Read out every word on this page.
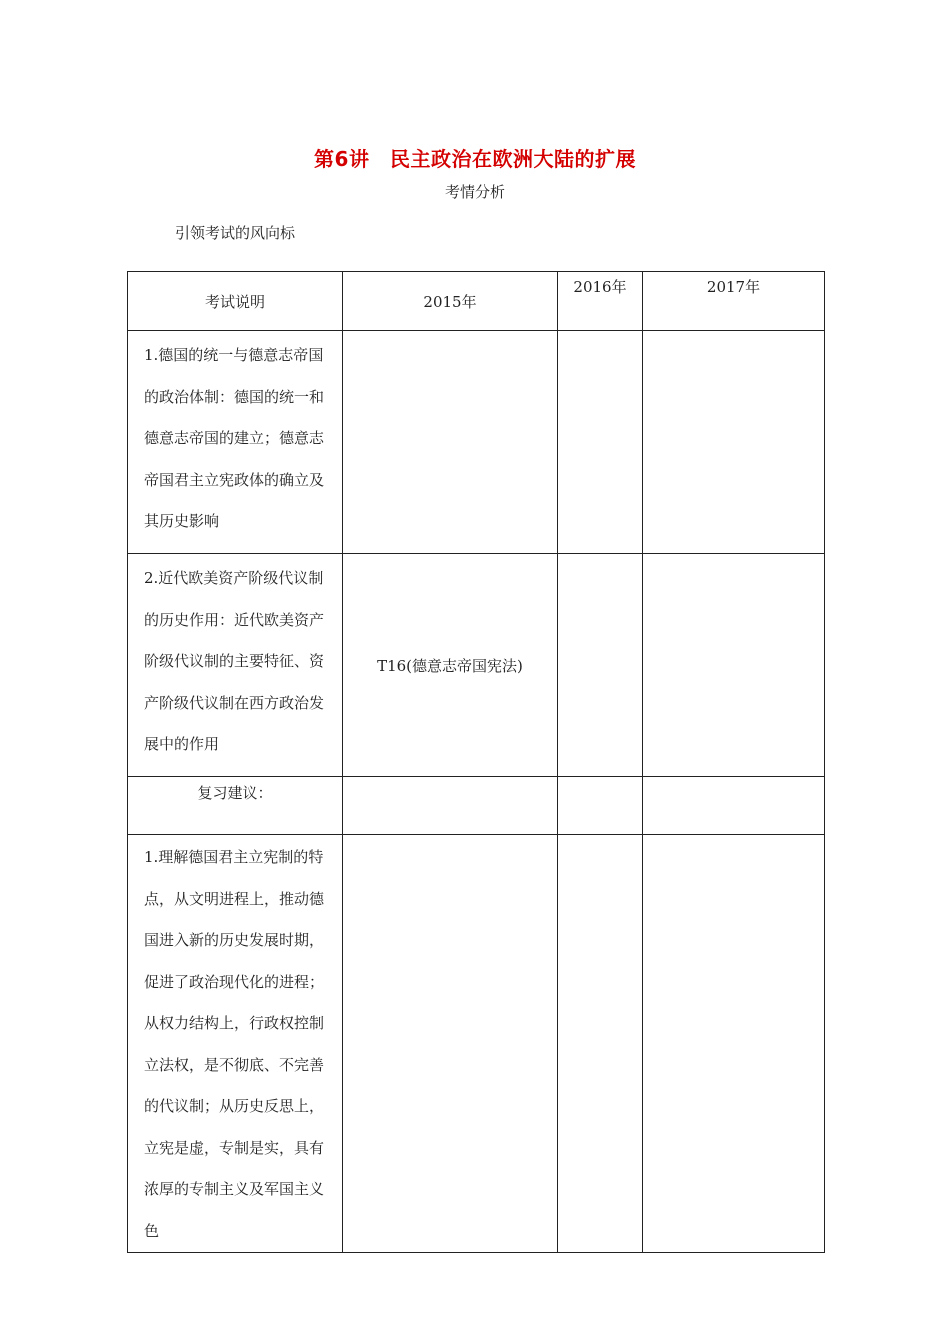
第6讲　民主政治在欧洲大陆的扩展
考情分析
引领考试的风向标
考试说明	2015年	2016年	2017年
1.德国的统一与德意志帝国的政治体制：德国的统一和德意志帝国的建立；德意志帝国君主立宪政体的确立及其历史影响			
2.近代欧美资产阶级代议制的历史作用：近代欧美资产阶级代议制的主要特征、资产阶级代议制在西方政治发展中的作用	T16(德意志帝国宪法)		
复习建议：			
1.理解德国君主立宪制的特点，从文明进程上，推动德国进入新的历史发展时期，促进了政治现代化的进程；从权力结构上，行政权控制立法权，是不彻底、不完善的代议制；从历史反思上，立宪是虚，专制是实，具有浓厚的专制主义及军国主义色			
